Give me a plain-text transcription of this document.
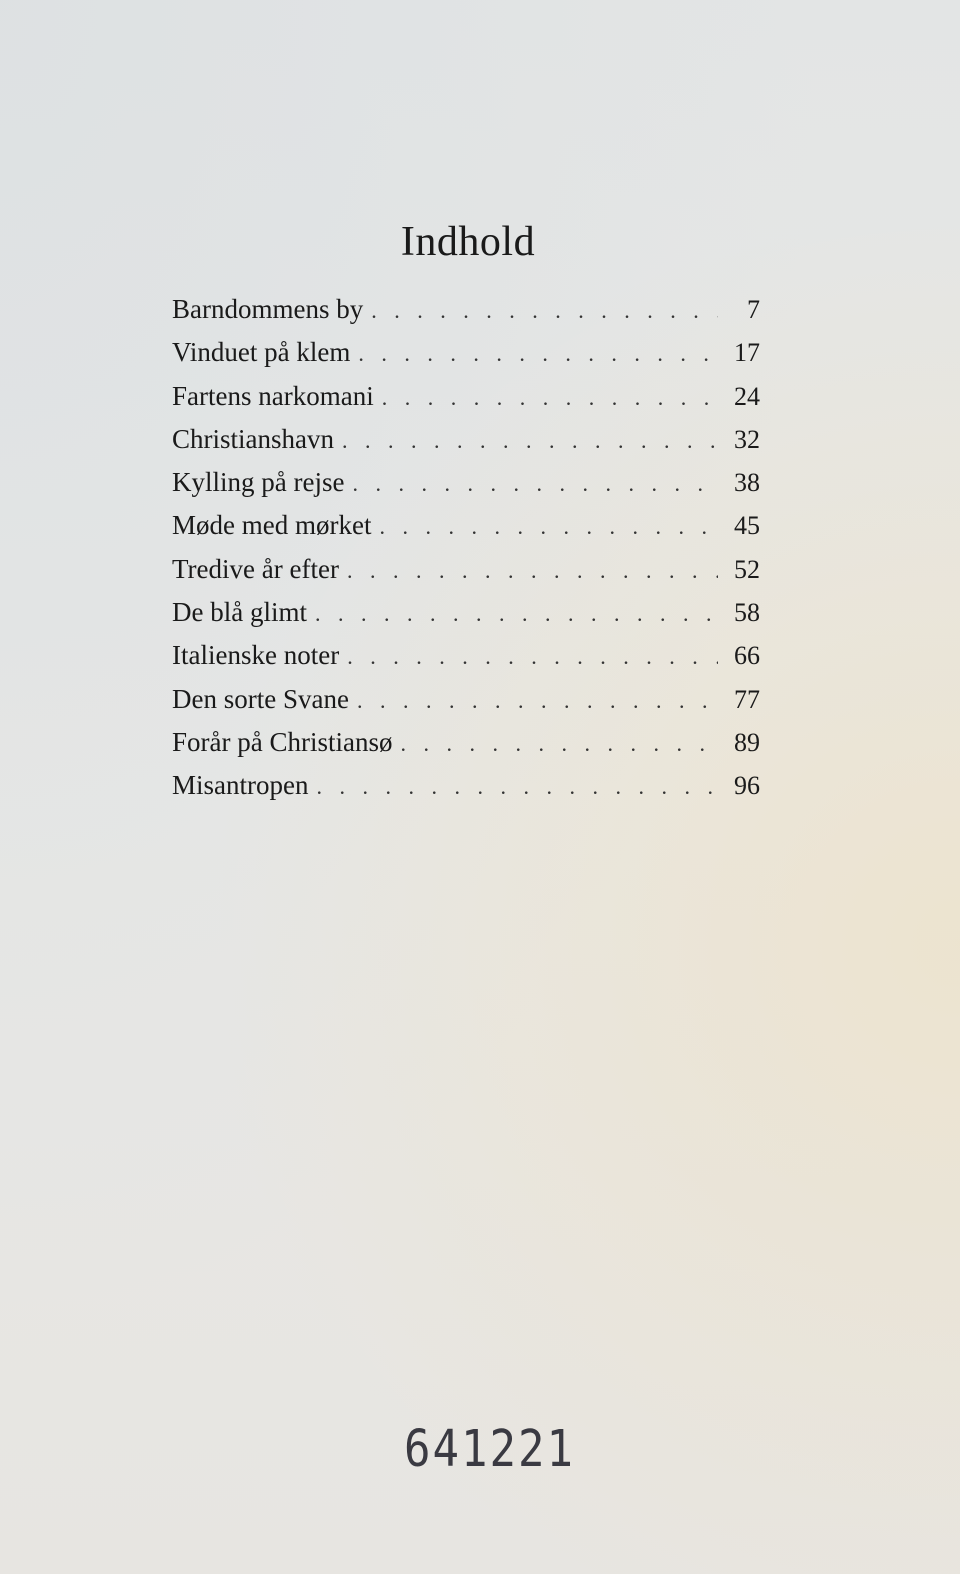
Indhold
Barndommens by . . .	7
Vinduet på klem . . .	17
Fartens narkomani . . .	24
Christianshavn . . .	32
Kylling på rejse . . .	38
Møde med mørket . . .	45
Tredive år efter . . .	52
De blå glimt . . .	58
Italienske noter . . .	66
Den sorte Svane . . .	77
Forår på Christiansø . . .	89
Misantropen . . .	96
641221
